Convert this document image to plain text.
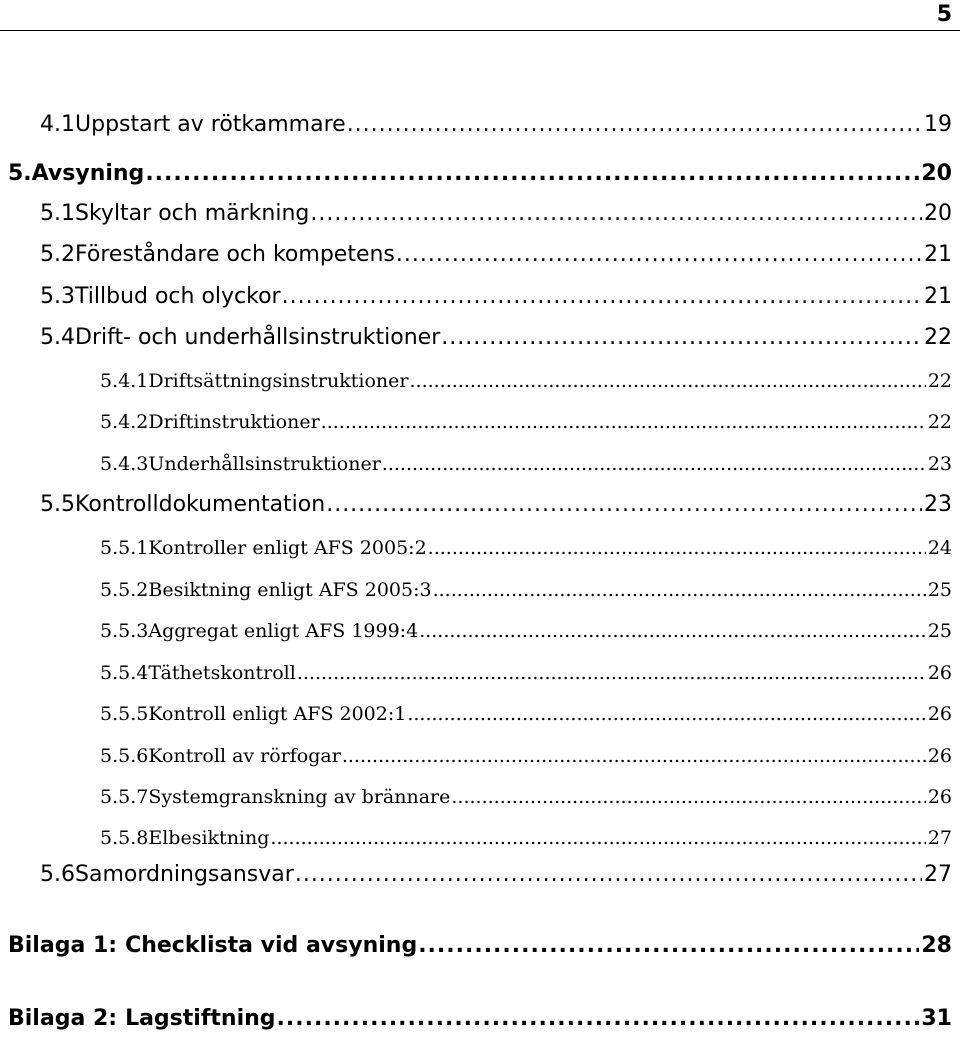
5
4.1 Uppstart av rötkammare .....	19
5. Avsyning .....	20
5.1 Skyltar och märkning .....	20
5.2 Föreståndare och kompetens .....	21
5.3 Tillbud och olyckor .....	21
5.4 Drift- och underhållsinstruktioner .....	22
5.4.1 Driftsättningsinstruktioner .....	22
5.4.2 Driftinstruktioner .....	22
5.4.3 Underhållsinstruktioner .....	23
5.5 Kontrolldokumentation .....	23
5.5.1 Kontroller enligt AFS 2005:2 .....	24
5.5.2 Besiktning enligt AFS 2005:3 .....	25
5.5.3 Aggregat enligt AFS 1999:4 .....	25
5.5.4 Täthetskontroll .....	26
5.5.5 Kontroll enligt AFS 2002:1 .....	26
5.5.6 Kontroll av rörfogar .....	26
5.5.7 Systemgranskning av brännare .....	26
5.5.8 Elbesiktning .....	27
5.6 Samordningsansvar .....	27
Bilaga 1: Checklista vid avsyning .....	28
Bilaga 2: Lagstiftning .....	31
